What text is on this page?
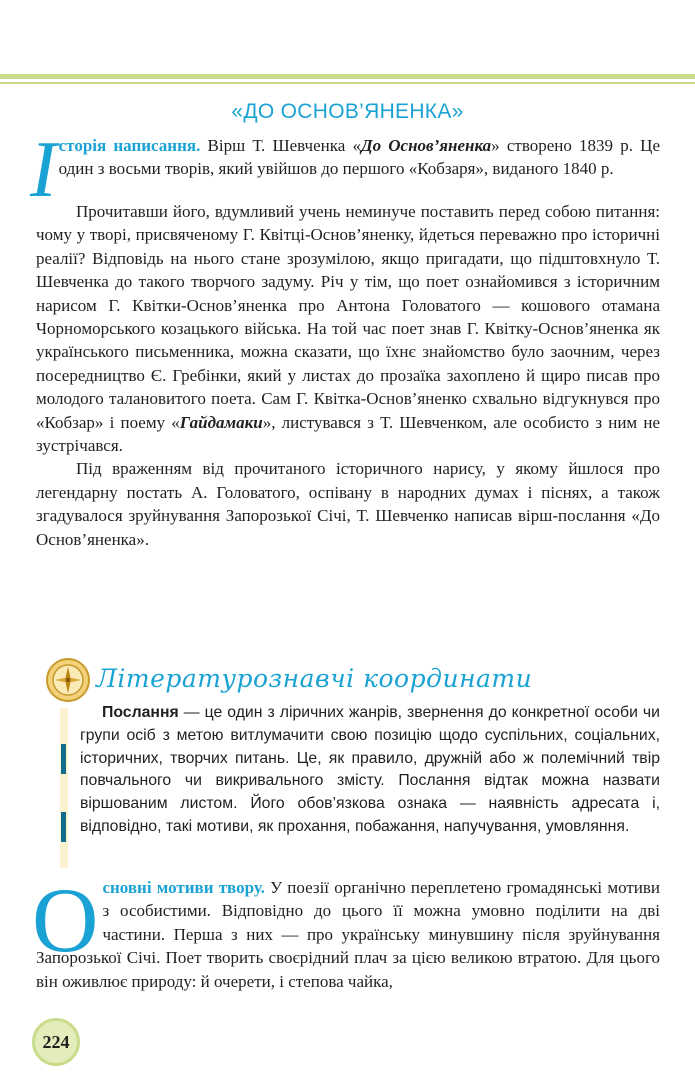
«ДО ОСНОВ’ЯНЕНКА»

І сторія написання. Вірш Т. Шевченка «До Основ’яненка» створено 1839 р. Це один з восьми творів, який увійшов до першого «Кобзаря», виданого 1840 р.

Прочитавши його, вдумливий учень неминуче поставить перед собою питання: чому у творі, присвяченому Г. Квітці-Основ’яненку, йдеться переважно про історичні реалії? Відповідь на нього стане зрозумілою, якщо пригадати, що підштовхнуло Т. Шевченка до такого творчого задуму. Річ у тім, що поет ознайомився з історичним нарисом Г. Квітки-Основ’яненка про Антона Головатого — кошового отамана Чорноморського козацького війська. На той час поет знав Г. Квітку-Основ’яненка як українського письменника, можна сказати, що їхнє знайомство було заочним, через посередництво Є. Гребінки, який у листах до прозаїка захоплено й щиро писав про молодого талановитого поета. Сам Г. Квітка-Основ’яненко схвально відгукнувся про «Кобзар» і поему «Гайдамаки», листувався з Т. Шевченком, але особисто з ним не зустрічався.

Під враженням від прочитаного історичного нарису, у якому йшлося про легендарну постать А. Головатого, оспівану в народних думах і піснях, а також згадувалося зруйнування Запорозької Січі, Т. Шевченко написав вірш-послання «До Основ’яненка».

Літературознавчі координати
Послання — це один з ліричних жанрів, звернення до конкретної особи чи групи осіб з метою витлумачити свою позицію щодо суспільних, соціальних, історичних, творчих питань. Це, як правило, дружній або ж полемічний твір повчального чи викривального змісту. Послання відтак можна назвати віршованим листом. Його обов’язкова ознака — наявність адресата і, відповідно, такі мотиви, як прохання, побажання, напучування, умовляння.

О сновні мотиви твору. У поезії органічно переплетено громадянські мотиви з особистими. Відповідно до цього її можна умовно поділити на дві частини. Перша з них — про українську минувшину після зруйнування Запорозької Січі. Поет творить своєрідний плач за цією великою втратою. Для цього він оживлює природу: й очерети, і степова чайка,

224
